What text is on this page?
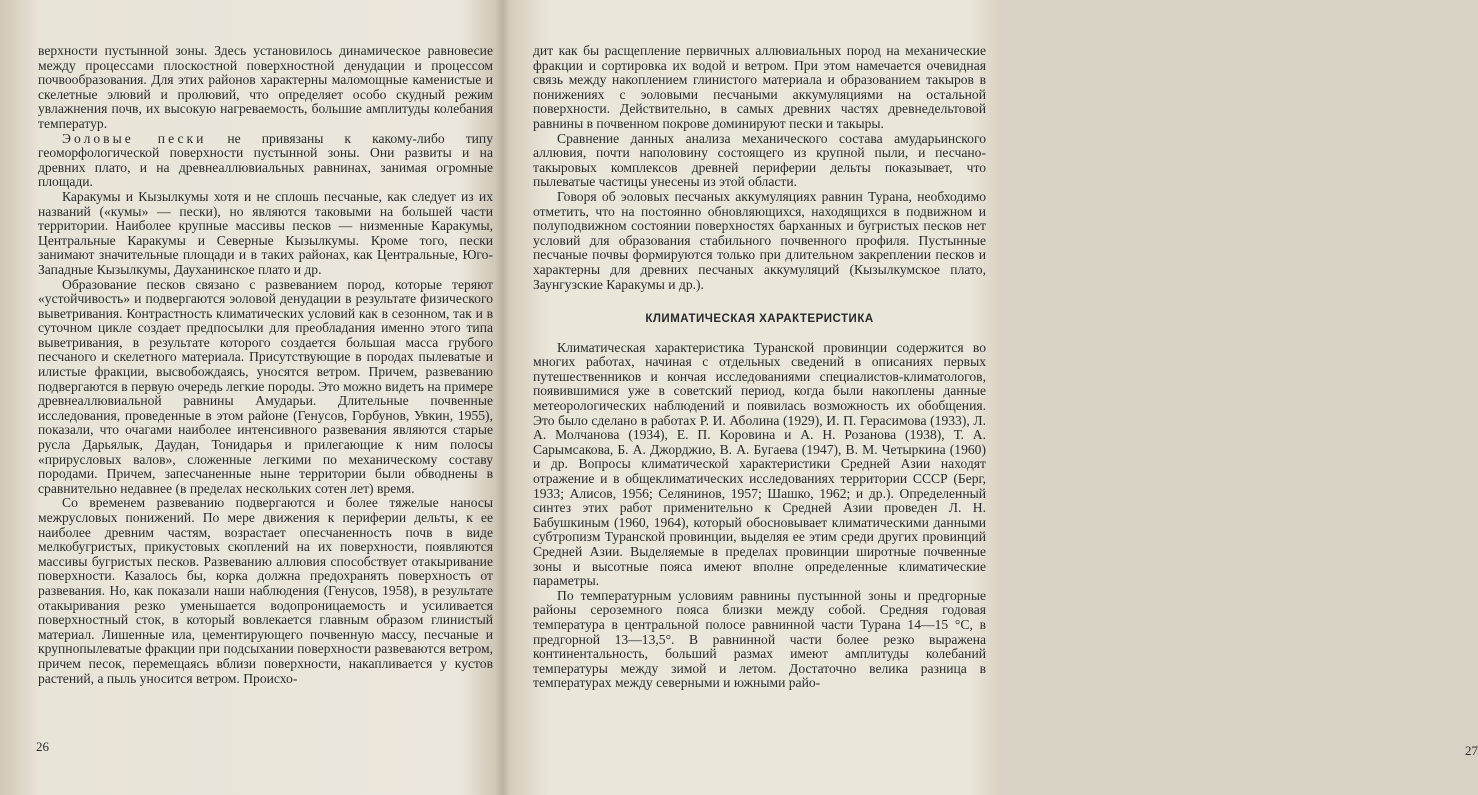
верхности пустынной зоны. Здесь установилось динамическое равновесие между процессами плоскостной поверхностной денудации и процессом почвообразования. Для этих районов характерны маломощные каменистые и скелетные элювий и пролювий, что определяет особо скудный режим увлажнения почв, их высокую нагреваемость, большие амплитуды колебания температур.

Эоловые пески не привязаны к какому-либо типу геоморфологической поверхности пустынной зоны. Они развиты и на древних плато, и на древнеаллювиальных равнинах, занимая огромные площади.

Каракумы и Кызылкумы хотя и не сплошь песчаные, как следует из их названий («кумы» — пески), но являются таковыми на большей части территории. Наиболее крупные массивы песков — низменные Каракумы, Центральные Каракумы и Северные Кызылкумы. Кроме того, пески занимают значительные площади и в таких районах, как Центральные, Юго-Западные Кызылкумы, Дауханинское плато и др.

Образование песков связано с развеванием пород, которые теряют «устойчивость» и подвергаются эоловой денудации в результате физического выветривания. Контрастность климатических условий как в сезонном, так и в суточном цикле создает предпосылки для преобладания именно этого типа выветривания, в результате которого создается большая масса грубого песчаного и скелетного материала. Присутствующие в породах пылеватые и илистые фракции, высвобождаясь, уносятся ветром. Причем, развеванию подвергаются в первую очередь легкие породы. Это можно видеть на примере древнеаллювиальной равнины Амударьи. Длительные почвенные исследования, проведенные в этом районе (Генусов, Горбунов, Увкин, 1955), показали, что очагами наиболее интенсивного развевания являются старые русла Дарьялык, Даудан, Тонидарья и прилегающие к ним полосы «прирусловых валов», сложенные легкими по механическому составу породами. Причем, запесчаненные ныне территории были обводнены в сравнительно недавнее (в пределах нескольких сотен лет) время.

Со временем развеванию подвергаются и более тяжелые наносы межрусловых понижений. По мере движения к периферии дельты, к ее наиболее древним частям, возрастает опесчаненность почв в виде мелкобугристых, прикустовых скоплений на их поверхности, появляются массивы бугристых песков. Развеванию аллювия способствует отакыривание поверхности. Казалось бы, корка должна предохранять поверхность от развевания. Но, как показали наши наблюдения (Генусов, 1958), в результате отакыривания резко уменьшается водопроницаемость и усиливается поверхностный сток, в который вовлекается главным образом глинистый материал. Лишенные ила, цементирующего почвенную массу, песчаные и крупнопылеватые фракции при подсыхании поверхности развеваются ветром, причем песок, перемещаясь вблизи поверхности, накапливается у кустов растений, а пыль уносится ветром. Происхо-

26

дит как бы расщепление первичных аллювиальных пород на механические фракции и сортировка их водой и ветром. При этом намечается очевидная связь между накоплением глинистого материала и образованием такыров в понижениях с эоловыми песчаными аккумуляциями на остальной поверхности. Действительно, в самых древних частях древнедельтовой равнины в почвенном покрове доминируют пески и такыры.

Сравнение данных анализа механического состава амударьинского аллювия, почти наполовину состоящего из крупной пыли, и песчано-такыровых комплексов древней периферии дельты показывает, что пылеватые частицы унесены из этой области.

Говоря об эоловых песчаных аккумуляциях равнин Турана, необходимо отметить, что на постоянно обновляющихся, находящихся в подвижном и полуподвижном состоянии поверхностях барханных и бугристых песков нет условий для образования стабильного почвенного профиля. Пустынные песчаные почвы формируются только при длительном закреплении песков и характерны для древних песчаных аккумуляций (Кызылкумское плато, Заунгузские Каракумы и др.).

КЛИМАТИЧЕСКАЯ ХАРАКТЕРИСТИКА

Климатическая характеристика Туранской провинции содержится во многих работах, начиная с отдельных сведений в описаниях первых путешественников и кончая исследованиями специалистов-климатологов, появившимися уже в советский период, когда были накоплены данные метеорологических наблюдений и появилась возможность их обобщения. Это было сделано в работах Р. И. Аболина (1929), И. П. Герасимова (1933), Л. А. Молчанова (1934), Е. П. Коровина и А. Н. Розанова (1938), Т. А. Сарымсакова, Б. А. Джорджио, В. А. Бугаева (1947), В. М. Четыркина (1960) и др. Вопросы климатической характеристики Средней Азии находят отражение и в общеклиматических исследованиях территории СССР (Берг, 1933; Алисов, 1956; Селянинов, 1957; Шашко, 1962; и др.). Определенный синтез этих работ применительно к Средней Азии проведен Л. Н. Бабушкиным (1960, 1964), который обосновывает климатическими данными субтропизм Туранской провинции, выделяя ее этим среди других провинций Средней Азии. Выделяемые в пределах провинции широтные почвенные зоны и высотные пояса имеют вполне определенные климатические параметры.

По температурным условиям равнины пустынной зоны и предгорные районы сероземного пояса близки между собой. Средняя годовая температура в центральной полосе равнинной части Турана 14—15 °С, в предгорной 13—13,5°. В равнинной части более резко выражена континентальность, больший размах имеют амплитуды колебаний температуры между зимой и летом. Достаточно велика разница в температурах между северными и южными райо-

27
